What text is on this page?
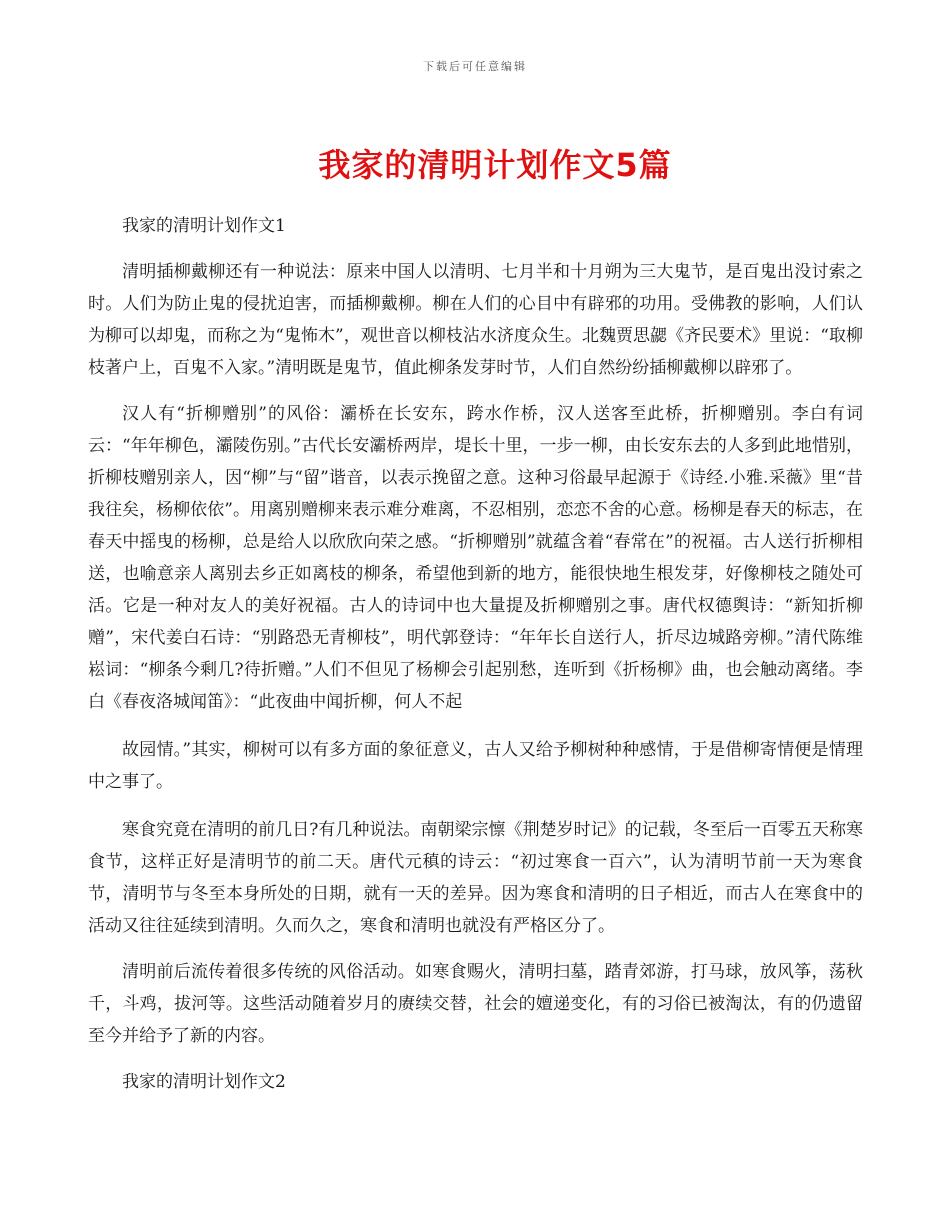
下载后可任意编辑
我家的清明计划作文5篇

我家的清明计划作文1

清明插柳戴柳还有一种说法：原来中国人以清明、七月半和十月朔为三大鬼节，是百鬼出没讨索之时。人们为防止鬼的侵扰迫害，而插柳戴柳。柳在人们的心目中有辟邪的功用。受佛教的影响，人们认为柳可以却鬼，而称之为“鬼怖木”，观世音以柳枝沾水济度众生。北魏贾思勰《齐民要术》里说：“取柳枝著户上，百鬼不入家。”清明既是鬼节，值此柳条发芽时节，人们自然纷纷插柳戴柳以辟邪了。

汉人有“折柳赠别”的风俗：灞桥在长安东，跨水作桥，汉人送客至此桥，折柳赠别。李白有词云：“年年柳色，灞陵伤别。”古代长安灞桥两岸，堤长十里，一步一柳，由长安东去的人多到此地惜别，折柳枝赠别亲人，因“柳”与“留”谐音，以表示挽留之意。这种习俗最早起源于《诗经.小雅.采薇》里“昔我往矣，杨柳依依”。用离别赠柳来表示难分难离，不忍相别，恋恋不舍的心意。杨柳是春天的标志，在春天中摇曳的杨柳，总是给人以欣欣向荣之感。“折柳赠别”就蕴含着“春常在”的祝福。古人送行折柳相送，也喻意亲人离别去乡正如离枝的柳条，希望他到新的地方，能很快地生根发芽，好像柳枝之随处可活。它是一种对友人的美好祝福。古人的诗词中也大量提及折柳赠别之事。唐代权德舆诗：“新知折柳赠”，宋代姜白石诗：“别路恐无青柳枝”，明代郭登诗：“年年长自送行人，折尽边城路旁柳。”清代陈维崧词：“柳条今剩几?待折赠。”人们不但见了杨柳会引起别愁，连听到《折杨柳》曲，也会触动离绪。李白《春夜洛城闻笛》：“此夜曲中闻折柳，何人不起

故园情。”其实，柳树可以有多方面的象征意义，古人又给予柳树种种感情，于是借柳寄情便是情理中之事了。

寒食究竟在清明的前几日?有几种说法。南朝梁宗懔《荆楚岁时记》的记载，冬至后一百零五天称寒食节，这样正好是清明节的前二天。唐代元稹的诗云：“初过寒食一百六”，认为清明节前一天为寒食节，清明节与冬至本身所处的日期，就有一天的差异。因为寒食和清明的日子相近，而古人在寒食中的活动又往往延续到清明。久而久之，寒食和清明也就没有严格区分了。

清明前后流传着很多传统的风俗活动。如寒食赐火，清明扫墓，踏青郊游，打马球，放风筝，荡秋千，斗鸡，拔河等。这些活动随着岁月的赓续交替，社会的嬗递变化，有的习俗已被淘汰，有的仍遗留至今并给予了新的内容。

我家的清明计划作文2
